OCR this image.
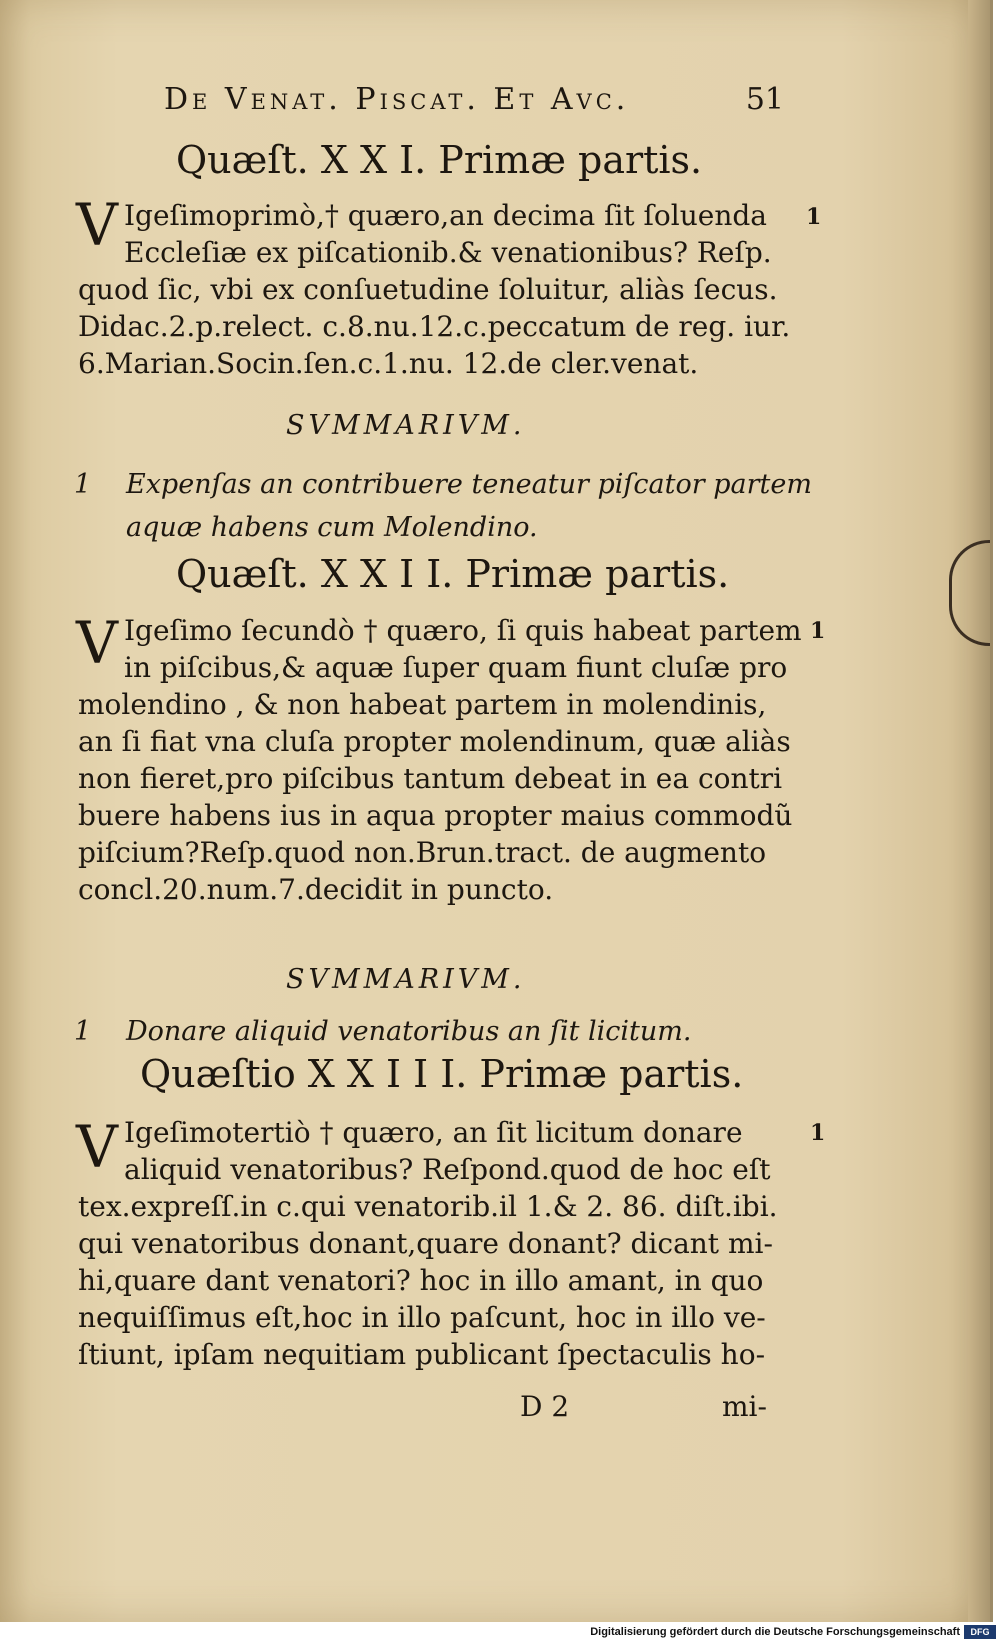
De Venat. Piscat. Et Avc.	51
Quæſt. X X I. Primæ partis.
V Igeſimoprimò,† quæro,an decima ſit ſoluenda
Eccleſiæ ex piſcationib.& venationibus? Reſp.
quod ſic, vbi ex conſuetudine ſoluitur, aliàs ſecus.
Didac.2.p.relect. c.8.nu.12.c.peccatum de reg. iur.
6.Marian.Socin.ſen.c.1.nu. 12.de cler.venat.
1
SVMMARIVM.
1 Expenſas an contribuere teneatur piſcator partem
aquæ habens cum Molendino.
Quæſt. X X I I. Primæ partis.
V Igeſimo ſecundò † quæro, ſi quis habeat partem
in piſcibus,& aquæ ſuper quam fiunt cluſæ pro
molendino , & non habeat partem in molendinis,
an ſi fiat vna cluſa propter molendinum, quæ aliàs
non fieret,pro piſcibus tantum debeat in ea contri
buere habens ius in aqua propter maius commodũ
piſcium?Reſp.quod non.Brun.tract. de augmento
concl.20.num.7.decidit in puncto.
1
SVMMARIVM.
1 Donare aliquid venatoribus an ſit licitum.
Quæſtio X X I I I. Primæ partis.
V Igeſimotertiò † quæro, an ſit licitum donare
aliquid venatoribus? Reſpond.quod de hoc eſt
tex.expreſſ.in c.qui venatorib.il 1.& 2. 86. diſt.ibi.
qui venatoribus donant,quare donant? dicant mi-
hi,quare dant venatori? hoc in illo amant, in quo
nequiſſimus eſt,hoc in illo paſcunt, hoc in illo ve-
ſtiunt, ipſam nequitiam publicant ſpectaculis ho-
1
D 2	mi-
Digitalisierung gefördert durch die Deutsche Forschungsgemeinschaft	DFG
